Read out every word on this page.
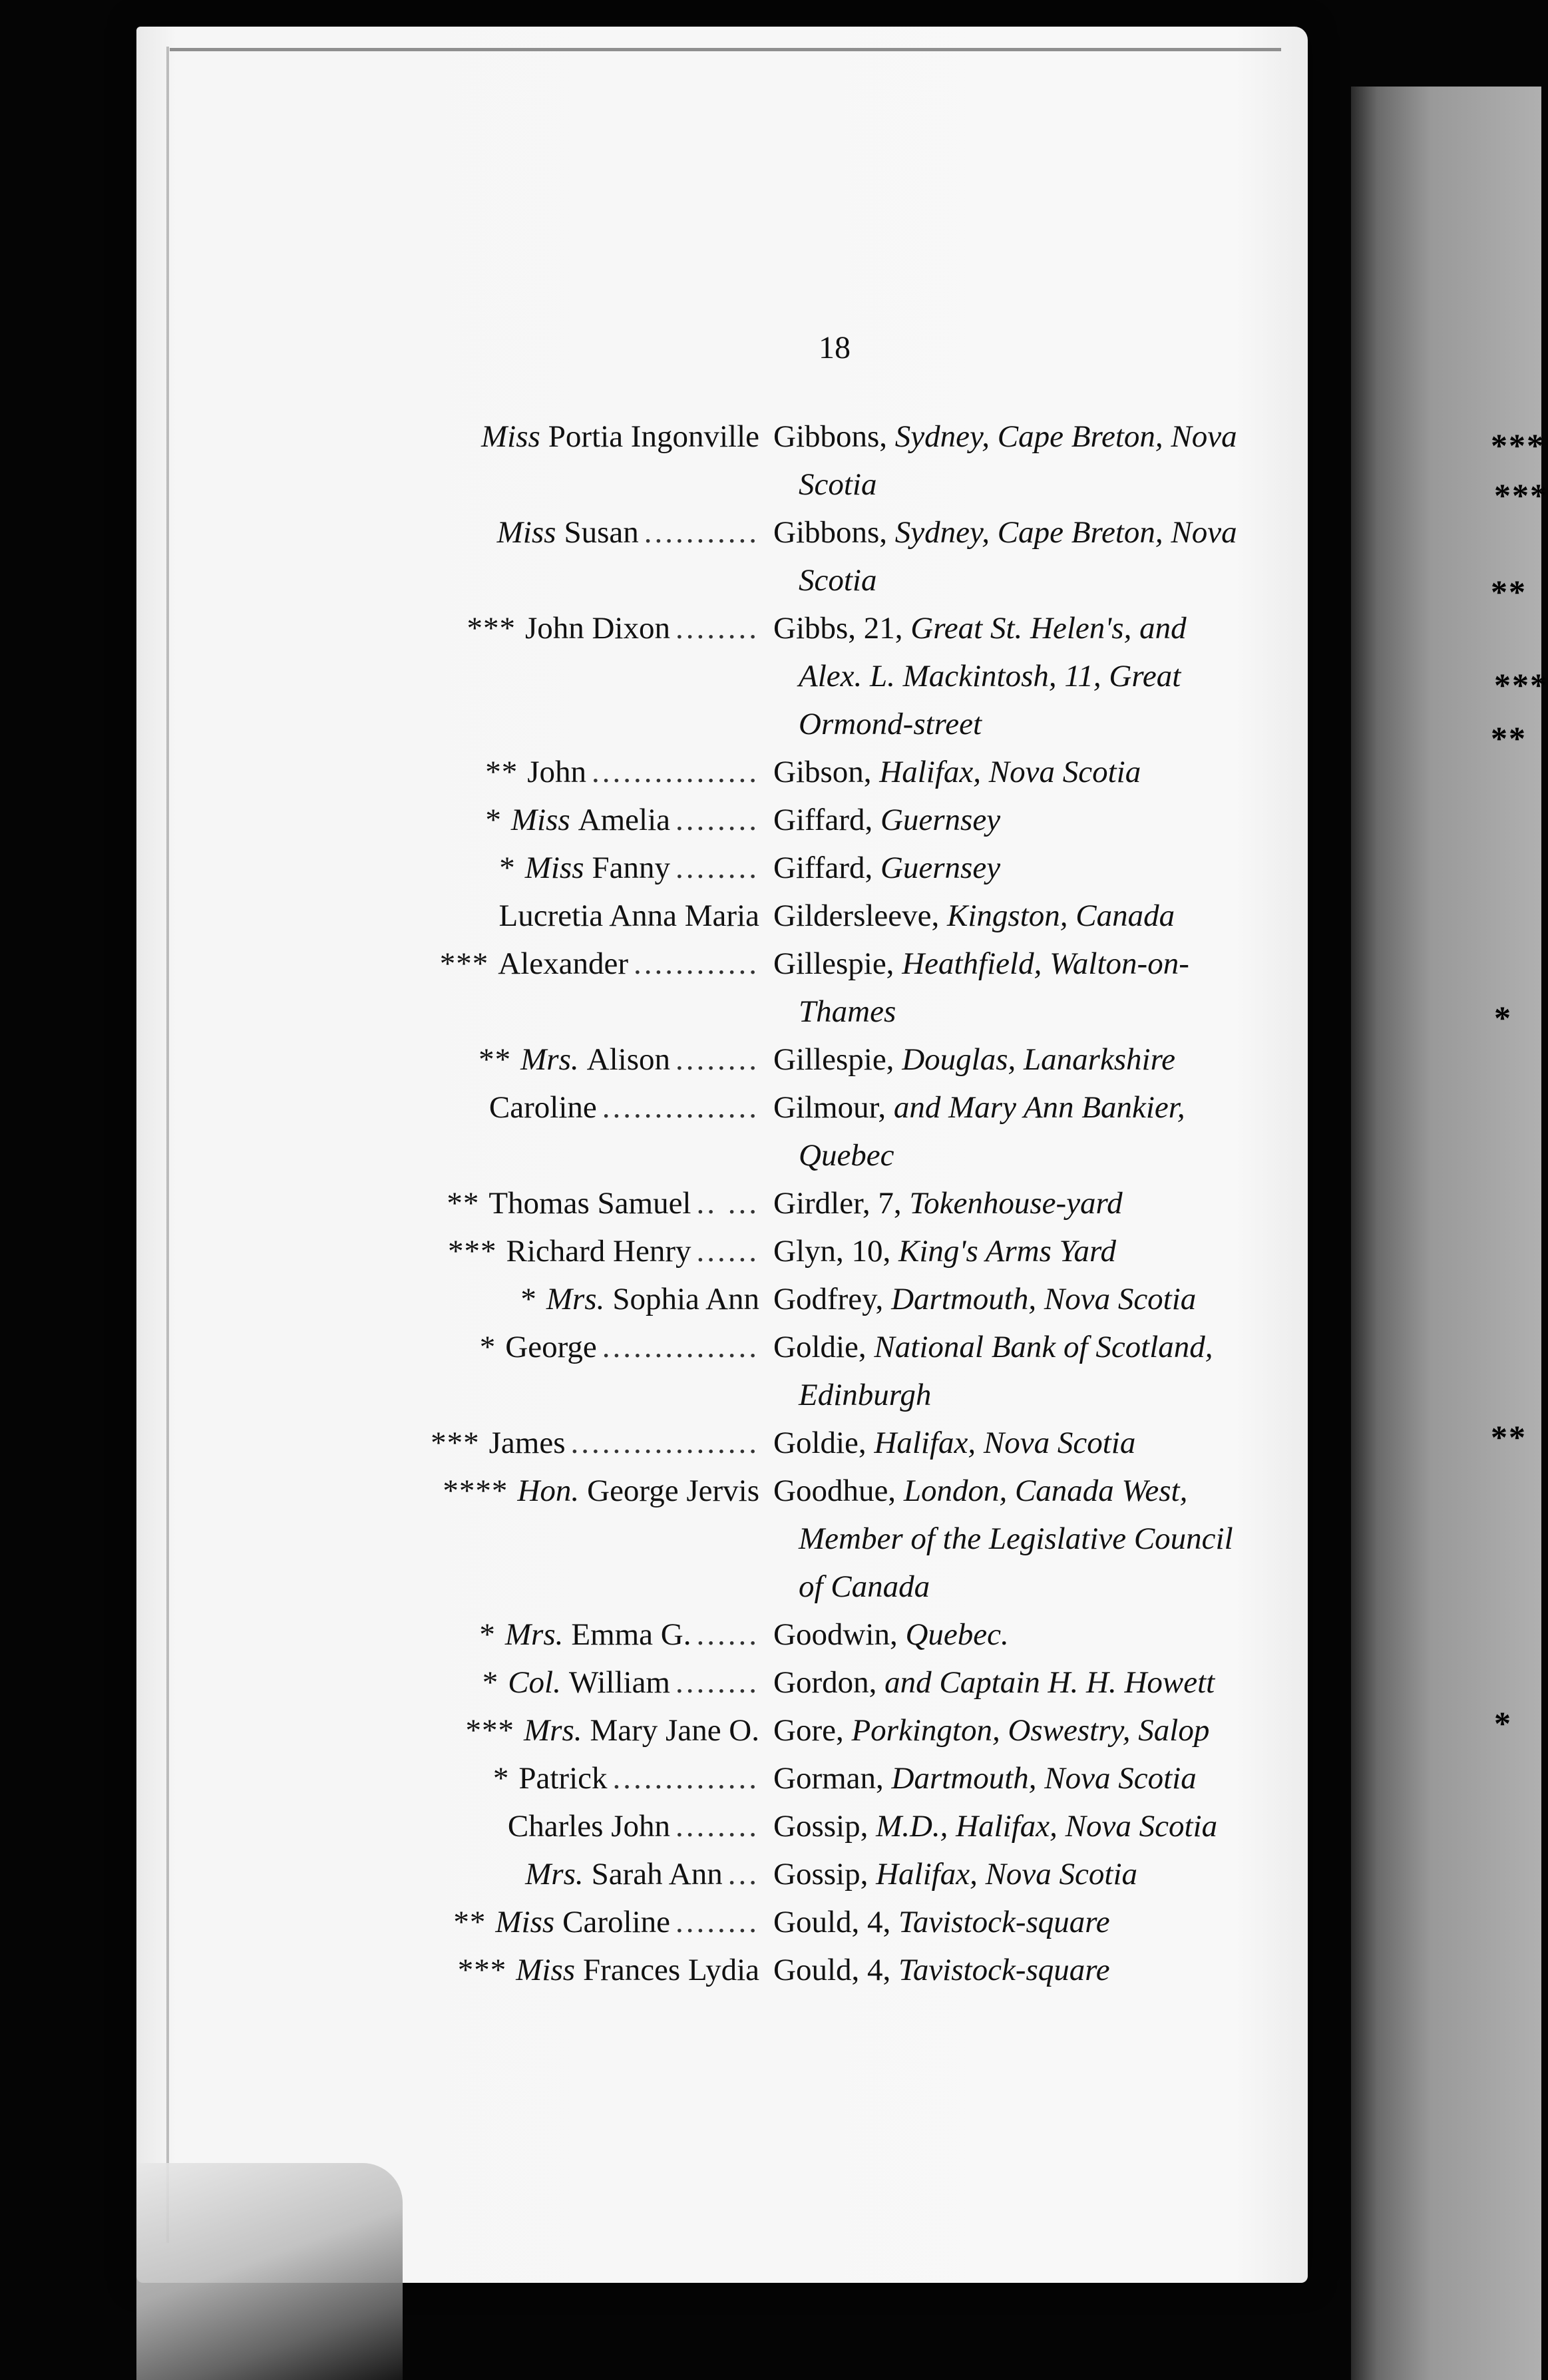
***
***
**
***
**
*
**
*
18
Miss Portia Ingonville Gibbons, Sydney, Cape Breton, Nova
Scotia
Miss Susan ........... Gibbons, Sydney, Cape Breton, Nova
Scotia
*** John Dixon ........ Gibbs, 21, Great St. Helen's, and
Alex. L. Mackintosh, 11, Great
Ormond-street
** John ................ Gibson, Halifax, Nova Scotia
* Miss Amelia ........ Giffard, Guernsey
* Miss Fanny ........ Giffard, Guernsey
Lucretia Anna Maria Gildersleeve, Kingston, Canada
*** Alexander ............ Gillespie, Heathfield, Walton-on-
Thames
** Mrs. Alison ........ Gillespie, Douglas, Lanarkshire
Caroline ............... Gilmour, and Mary Ann Bankier,
Quebec
** Thomas Samuel .. ... Girdler, 7, Tokenhouse-yard
*** Richard Henry ...... Glyn, 10, King's Arms Yard
* Mrs. Sophia Ann Godfrey, Dartmouth, Nova Scotia
* George ............... Goldie, National Bank of Scotland,
Edinburgh
*** James .................. Goldie, Halifax, Nova Scotia
**** Hon. George Jervis Goodhue, London, Canada West,
Member of the Legislative Council
of Canada
* Mrs. Emma G. ...... Goodwin, Quebec.
* Col. William ........ Gordon, and Captain H. H. Howett
*** Mrs. Mary Jane O. Gore, Porkington, Oswestry, Salop
* Patrick .............. Gorman, Dartmouth, Nova Scotia
Charles John ........ Gossip, M.D., Halifax, Nova Scotia
Mrs. Sarah Ann ... Gossip, Halifax, Nova Scotia
** Miss Caroline ........ Gould, 4, Tavistock-square
*** Miss Frances Lydia Gould, 4, Tavistock-square
